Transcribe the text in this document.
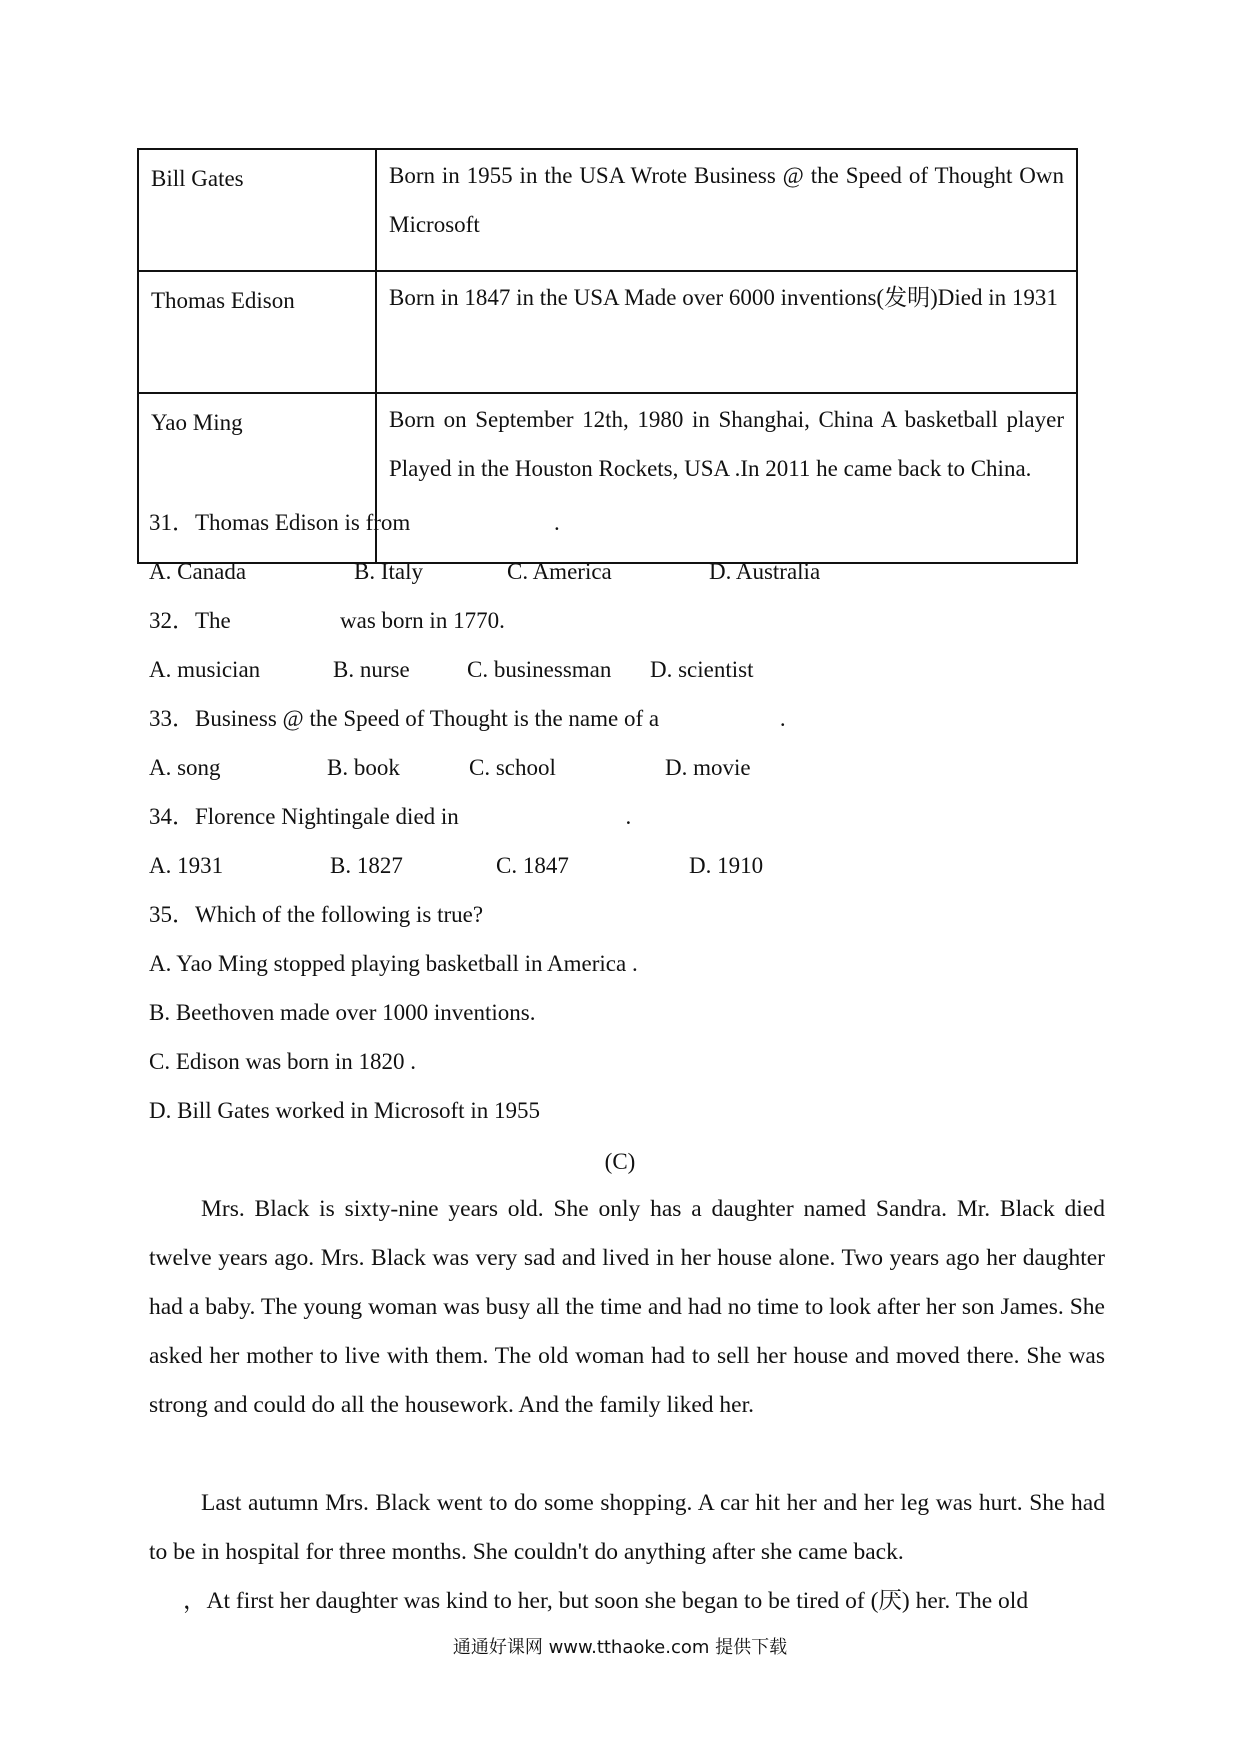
Bill Gates	Born in 1955 in the USA Wrote Business @ the Speed of Thought Own Microsoft
Thomas Edison	Born in 1847 in the USA Made over 6000 inventions(发明)Died in 1931
Yao Ming	Born on September 12th, 1980 in Shanghai, China A basketball player Played in the Houston Rockets, USA .In 2011 he came back to China.
31．Thomas Edison is from                         .
A. Canada	B. Italy	C. America	D. Australia
32．The                   was born in 1770.
A. musician	B. nurse C. businessman D. scientist
33．Business @ the Speed of Thought is the name of a                     .
A. song	B. book	C. school	D. movie
34．Florence Nightingale died in                             .
A. 1931	B. 1827	C. 1847	D. 1910
35．Which of the following is true?
A. Yao Ming stopped playing basketball in America .
B. Beethoven made over 1000 inventions.
C. Edison was born in 1820 .
D. Bill Gates worked in Microsoft in 1955
(C)

Mrs. Black is sixty-nine years old. She only has a daughter named Sandra. Mr. Black died twelve years ago. Mrs. Black was very sad and lived in her house alone. Two years ago her daughter had a baby. The young woman was busy all the time and had no time to look after her son James. She asked her mother to live with them. The old woman had to sell her house and moved there. She was strong and could do all the housework. And the family liked her.

Last autumn Mrs. Black went to do some shopping. A car hit her and her leg was hurt. She had to be in hospital for three months. She couldn't do anything after she came back.

，At first her daughter was kind to her, but soon she began to be tired of (厌) her. The old

通通好课网 www.tthaoke.com 提供下载
